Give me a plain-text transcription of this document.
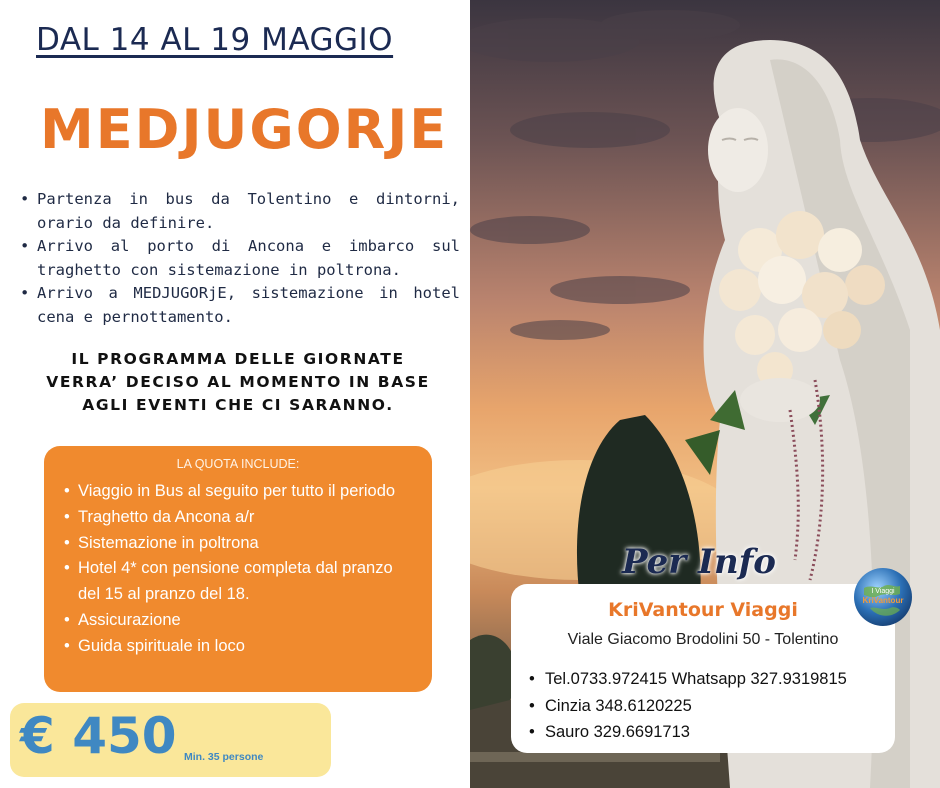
DAL 14 AL 19 MAGGIO
MEDJUGORJE
• Partenza in bus da Tolentino e dintorni, orario da definire.
• Arrivo al porto di Ancona e imbarco sul traghetto con sistemazione in poltrona.
• Arrivo a MEDJUGORjE, sistemazione in hotel cena e pernottamento.
IL PROGRAMMA DELLE GIORNATE
VERRA’ DECISO AL MOMENTO IN BASE
AGLI EVENTI CHE CI SARANNO.
LA QUOTA INCLUDE:
• Viaggio in Bus al seguito per tutto il periodo
• Traghetto da Ancona a/r
• Sistemazione in poltrona
• Hotel 4* con pensione completa dal pranzo del 15 al pranzo del 18.
• Assicurazione
• Guida spirituale in loco
€ 450 Min. 35 persone
KriVantour Viaggi
Viale Giacomo Brodolini 50 - Tolentino
• Tel.0733.972415 Whatsapp 327.9319815
• Cinzia 348.6120225
• Sauro 329.6691713
Per Info
I Viaggi
KriVantour
